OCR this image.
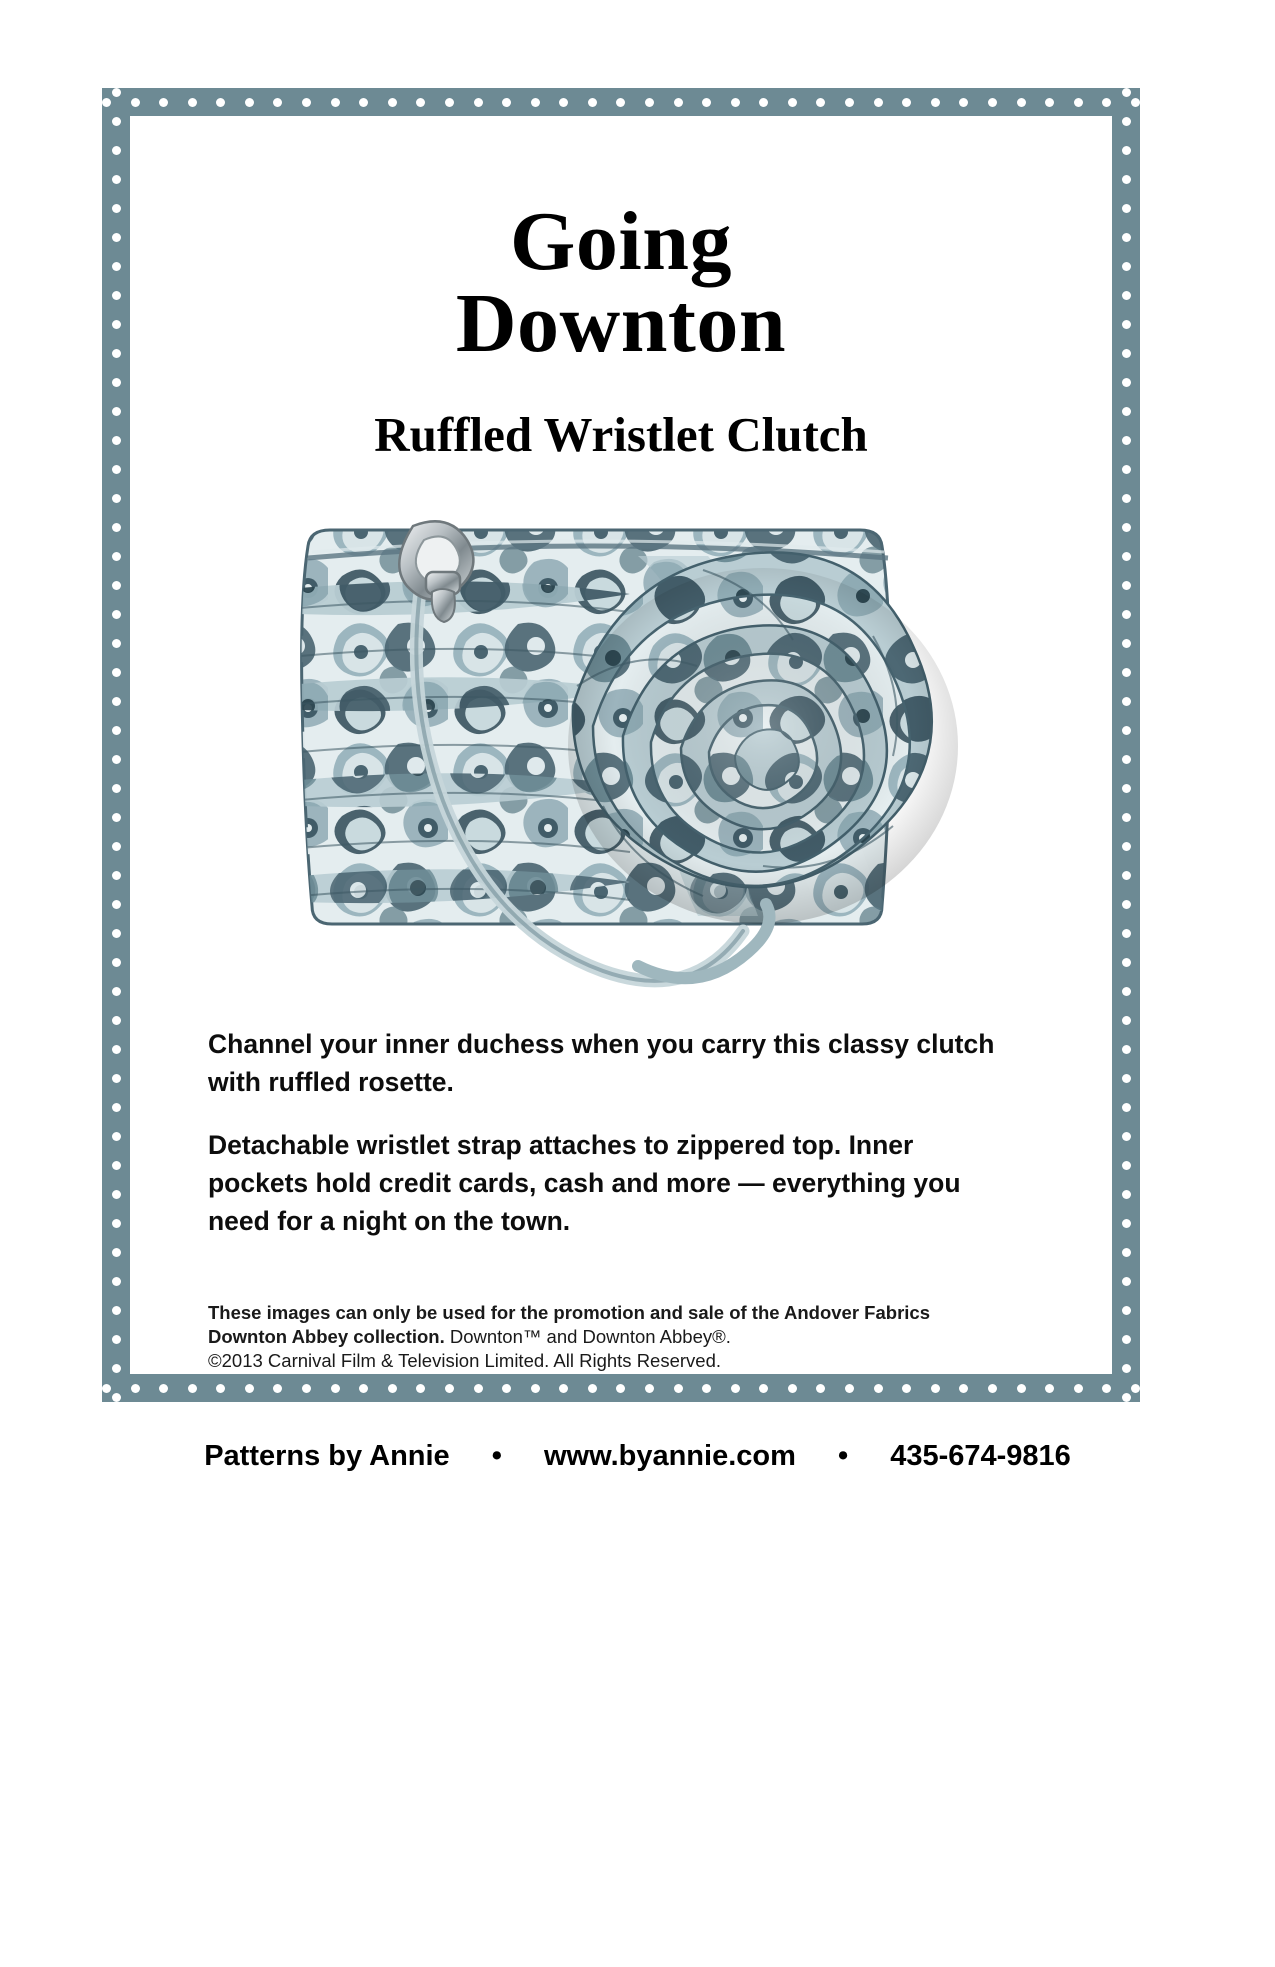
Going
Downton
Ruffled Wristlet Clutch

Channel your inner duchess when you carry this classy clutch with ruffled rosette.

Detachable wristlet strap attaches to zippered top. Inner pockets hold credit cards, cash and more — everything you need for a night on the town.

These images can only be used for the promotion and sale of the Andover Fabrics Downton Abbey collection. Downton™ and Downton Abbey®.
©2013 Carnival Film & Television Limited. All Rights Reserved.
Patterns by Annie • www.byannie.com • 435-674-9816
